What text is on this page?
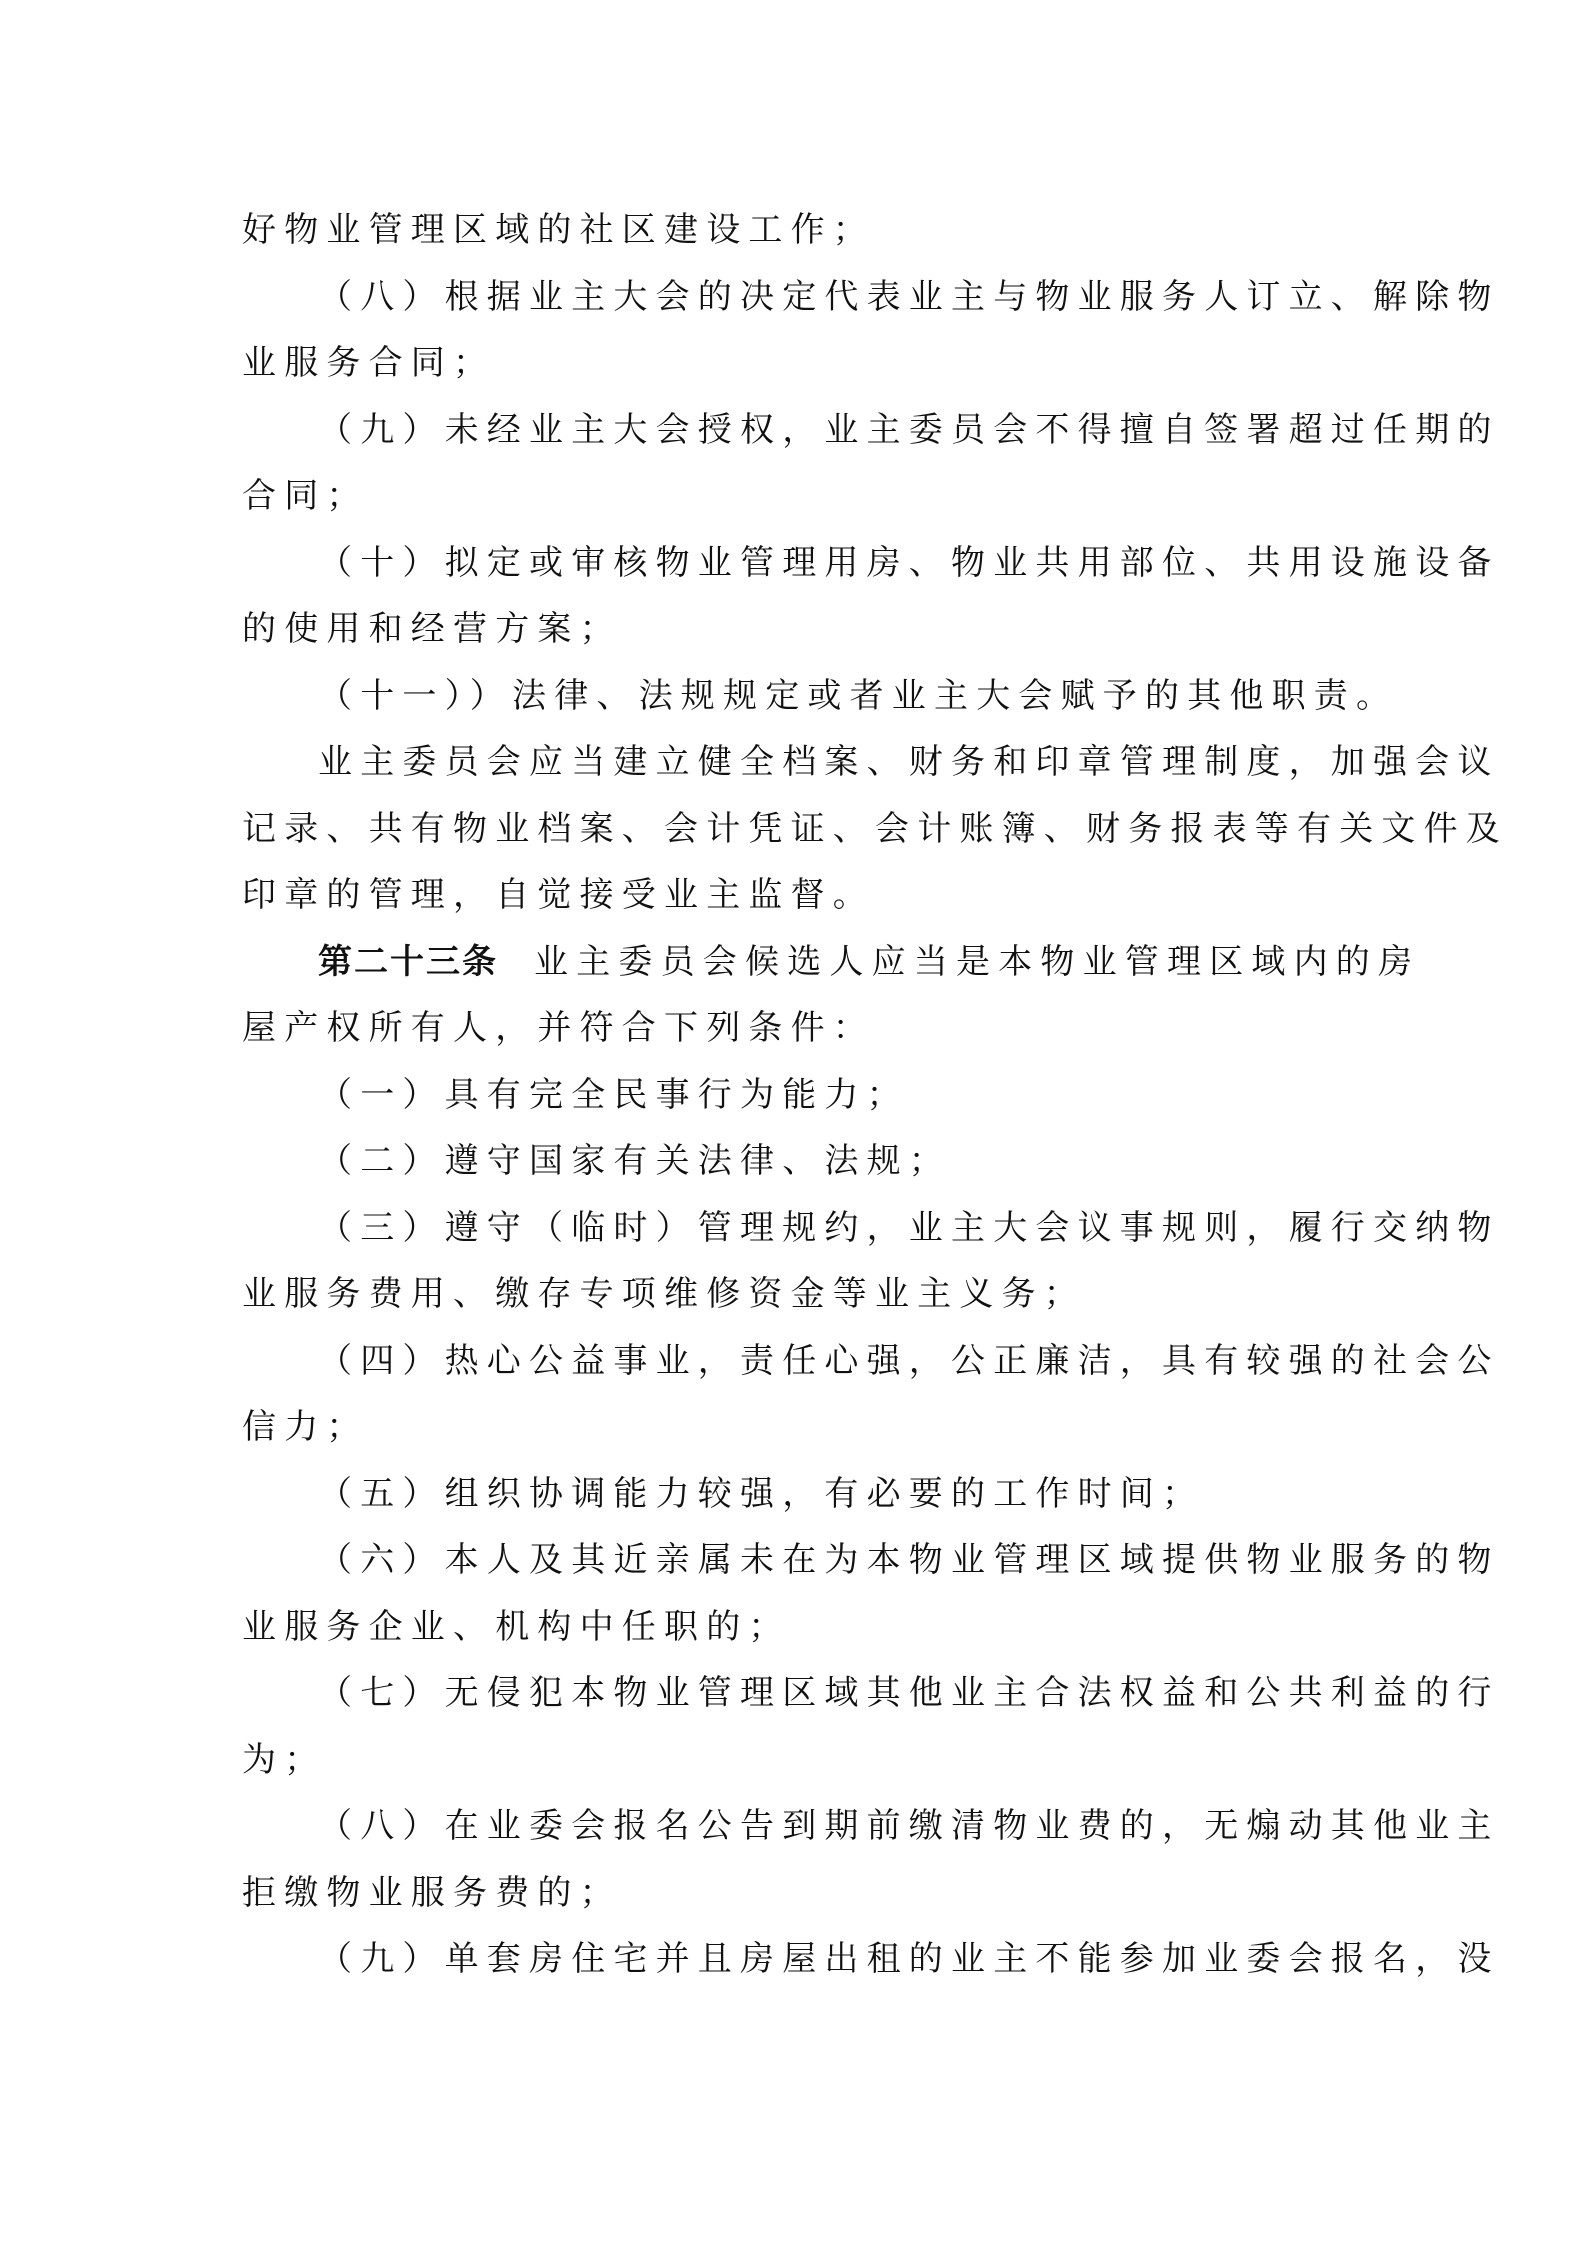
好物业管理区域的社区建设工作；
（八）根据业主大会的决定代表业主与物业服务人订立、解除物
业服务合同；
（九）未经业主大会授权，业主委员会不得擅自签署超过任期的
合同；
（十）拟定或审核物业管理用房、物业共用部位、共用设施设备
的使用和经营方案；
（十一））法律、法规规定或者业主大会赋予的其他职责。
业主委员会应当建立健全档案、财务和印章管理制度，加强会议
记录、共有物业档案、会计凭证、会计账簿、财务报表等有关文件及
印章的管理，自觉接受业主监督。
第二十三条 业主委员会候选人应当是本物业管理区域内的房
屋产权所有人，并符合下列条件：
（一）具有完全民事行为能力；
（二）遵守国家有关法律、法规；
（三）遵守（临时）管理规约，业主大会议事规则，履行交纳物
业服务费用、缴存专项维修资金等业主义务；
（四）热心公益事业，责任心强，公正廉洁，具有较强的社会公
信力；
（五）组织协调能力较强，有必要的工作时间；
（六）本人及其近亲属未在为本物业管理区域提供物业服务的物
业服务企业、机构中任职的；
（七）无侵犯本物业管理区域其他业主合法权益和公共利益的行
为；
（八）在业委会报名公告到期前缴清物业费的，无煽动其他业主
拒缴物业服务费的；
（九）单套房住宅并且房屋出租的业主不能参加业委会报名，没
